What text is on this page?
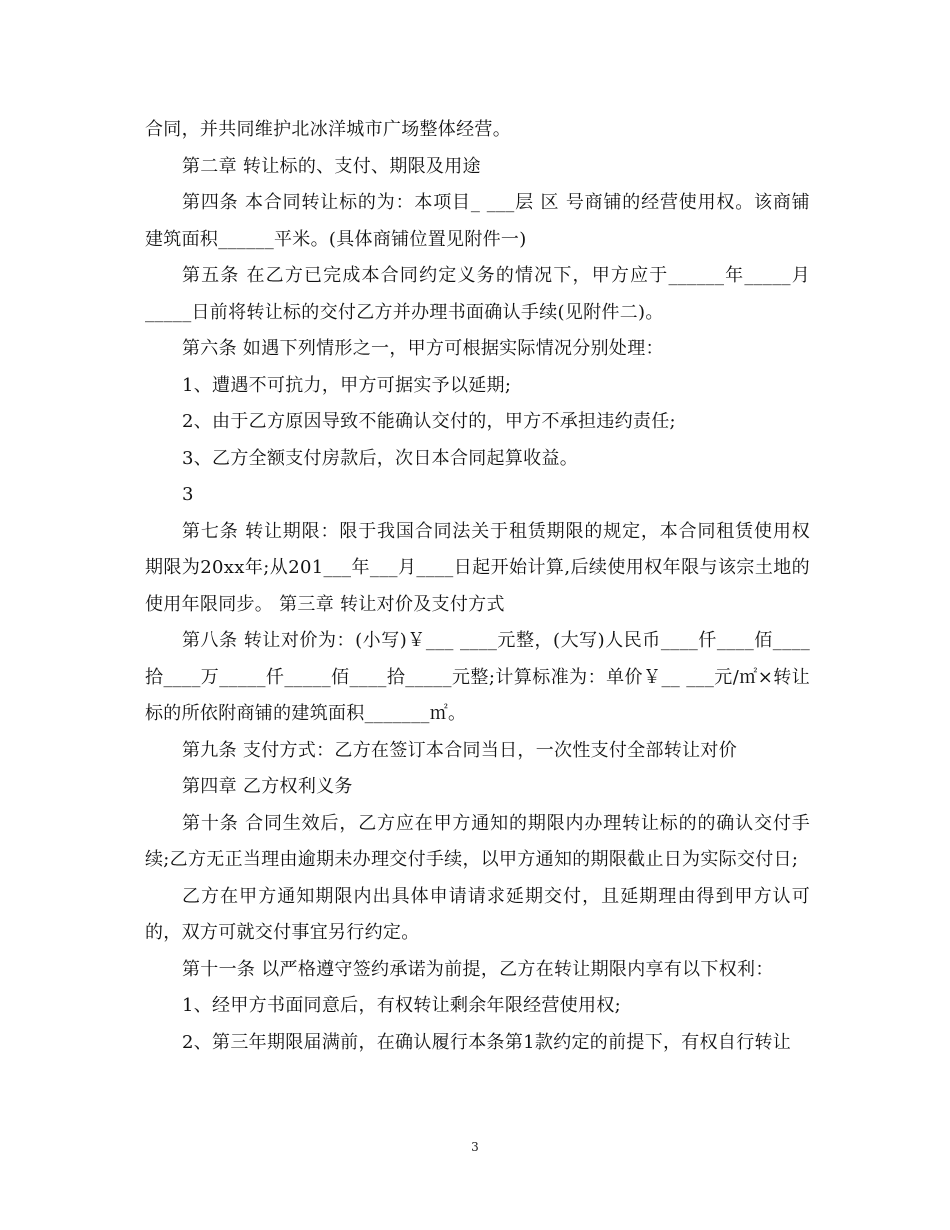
合同，并共同维护北冰洋城市广场整体经营。

第二章 转让标的、支付、期限及用途

第四条 本合同转让标的为：本项目_ ___层 区 号商铺的经营使用权。该商铺建筑面积______平米。(具体商铺位置见附件一)

第五条 在乙方已完成本合同约定义务的情况下，甲方应于______年_____月_____日前将转让标的交付乙方并办理书面确认手续(见附件二)。

第六条 如遇下列情形之一，甲方可根据实际情况分别处理：

1、遭遇不可抗力，甲方可据实予以延期;

2、由于乙方原因导致不能确认交付的，甲方不承担违约责任;

3、乙方全额支付房款后，次日本合同起算收益。

3

第七条 转让期限：限于我国合同法关于租赁期限的规定，本合同租赁使用权期限为20xx年;从201___年___月____日起开始计算,后续使用权年限与该宗土地的使用年限同步。 第三章 转让对价及支付方式

第八条 转让对价为：(小写)￥___ ____元整，(大写)人民币____仟____佰____拾____万_____仟_____佰____拾_____元整;计算标准为：单价￥__ ___元/㎡×转让标的所依附商铺的建筑面积_______㎡。

第九条 支付方式：乙方在签订本合同当日，一次性支付全部转让对价

第四章 乙方权利义务

第十条 合同生效后，乙方应在甲方通知的期限内办理转让标的的确认交付手续;乙方无正当理由逾期未办理交付手续，以甲方通知的期限截止日为实际交付日;

乙方在甲方通知期限内出具体申请请求延期交付，且延期理由得到甲方认可的，双方可就交付事宜另行约定。

第十一条 以严格遵守签约承诺为前提，乙方在转让期限内享有以下权利：

1、经甲方书面同意后，有权转让剩余年限经营使用权;

2、第三年期限届满前，在确认履行本条第1款约定的前提下，有权自行转让

3
